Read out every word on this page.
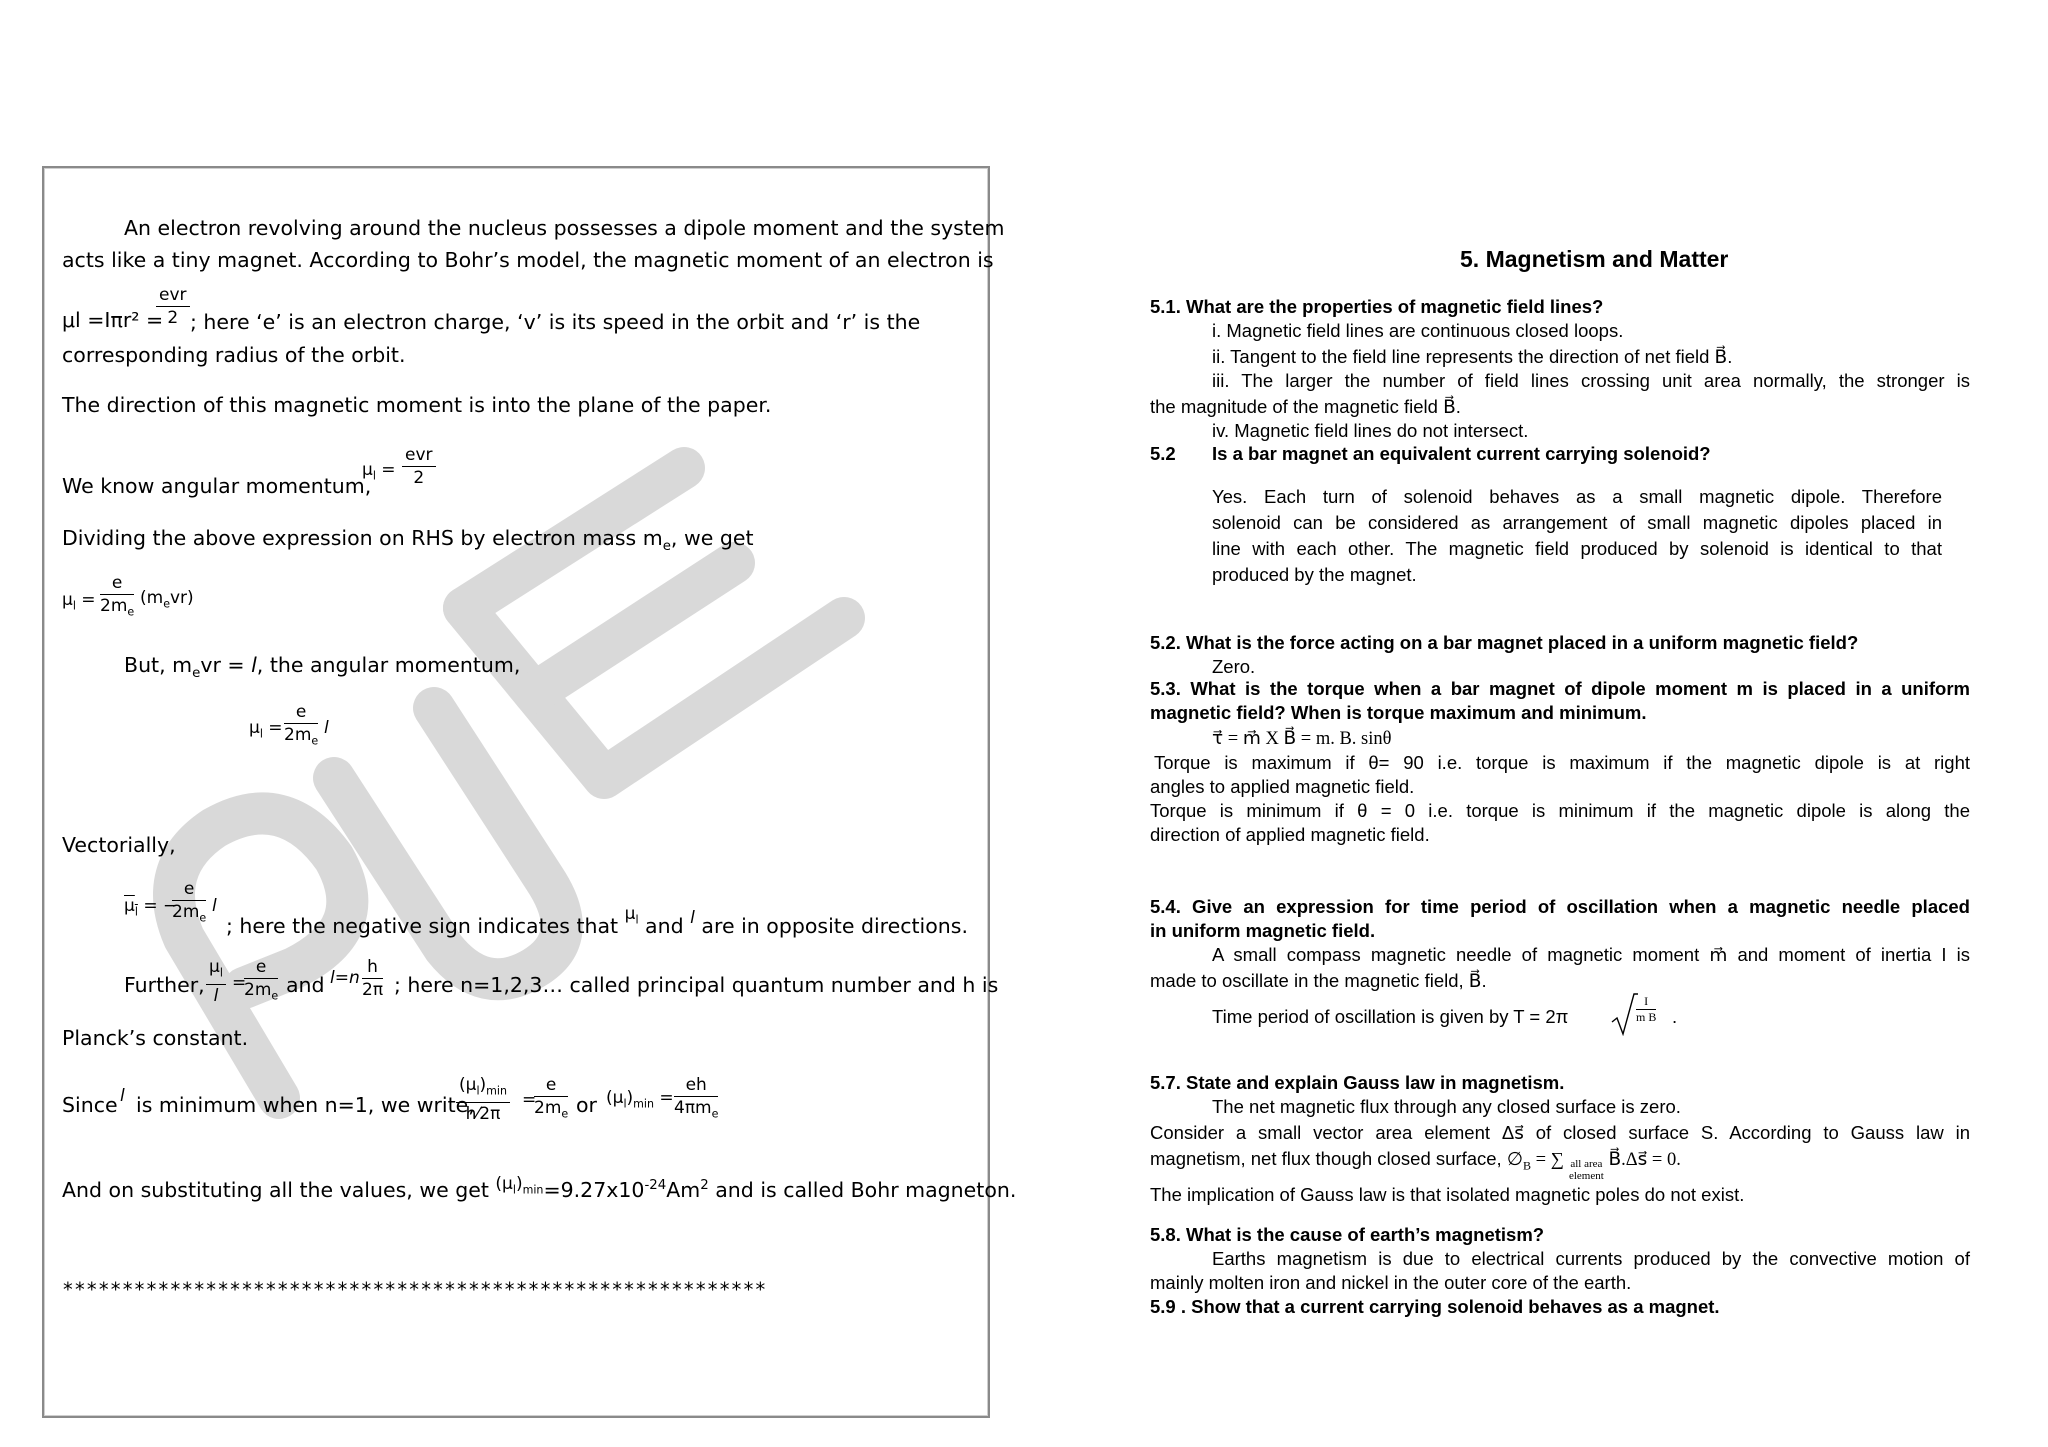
An electron revolving around the nucleus possesses a dipole moment and the system
acts like a tiny magnet. According to Bohr’s model, the magnetic moment of an electron is
μl =Iπr² =
evr
2 ; here ‘e’ is an electron charge, ‘v’ is its speed in the orbit and ‘r’ is the
corresponding radius of the orbit.
The direction of this magnetic moment is into the plane of the paper.
We know angular momentum,
$\mu_l$ =
evr
2
Dividing the above expression on RHS by electron mass $m_e$, we get
$\mu_l = \frac{e}{2m_e} (m_evr)$
But, $m_evr = l$, the angular momentum,
$\mu_l = \frac{e}{2m_e}$ l
Vectorially,
$\mu_l$ = −
$\frac{e}{2m_e}$ l
; here the negative sign indicates that $^{\mu_l}$ and $^l$ are in opposite directions.
Further, $\frac{\mu_l}{l}$ =
$\frac{e}{2m_e}$ and $l=n \frac{h}{2\pi}$ ; here n=1,2,3… called principal quantum number and h is
Planck’s constant.
Since l is minimum when n=1, we write,
$(\mu_l)_{min}$
h⁄2π
=
$\frac{e}{2m_e}$ or $(\mu_l)_{min}$ =
eh
$4\pi m_e$
And on substituting all the values, we get $^{(\mu_l)_{min}}=9.27x10^{-24}Am^2$ and is called Bohr magneton.
***********************************************************
5. Magnetism and Matter
5.1. What are the properties of magnetic field lines?
i. Magnetic field lines are continuous closed loops.
ii. Tangent to the field line represents the direction of net field B⃗.
iii. The larger the number of field lines crossing unit area normally, the stronger is
the magnitude of the magnetic field B⃗.
iv. Magnetic field lines do not intersect.
5.2 Is a bar magnet an equivalent current carrying solenoid?
Yes. Each turn of solenoid behaves as a small magnetic dipole. Therefore
solenoid can be considered as arrangement of small magnetic dipoles placed in
line with each other. The magnetic field produced by solenoid is identical to that
produced by the magnet.
5.2. What is the force acting on a bar magnet placed in a uniform magnetic field?
Zero.
5.3. What is the torque when a bar magnet of dipole moment m is placed in a uniform
magnetic field? When is torque maximum and minimum.
τ⃗ = m⃗ X B⃗ = m. B. sinθ
Torque is maximum if θ= 90 i.e. torque is maximum if the magnetic dipole is at right
angles to applied magnetic field.
Torque is minimum if θ = 0 i.e. torque is minimum if the magnetic dipole is along the
direction of applied magnetic field.
5.4. Give an expression for time period of oscillation when a magnetic needle placed
in uniform magnetic field.
A small compass magnetic needle of magnetic moment m⃗ and moment of inertia I is
made to oscillate in the magnetic field, B⃗.
Time period of oscillation is given by T = 2π	$\frac{I}{\text{m B}}$ .
5.7. State and explain Gauss law in magnetism.
The net magnetic flux through any closed surface is zero.
Consider a small vector area element Δs⃗ of closed surface S. According to Gauss law in
magnetism, net flux though closed surface, $\emptyset_B$ = ∑ all area
element
B⃗.Δs⃗ = 0.
The implication of Gauss law is that isolated magnetic poles do not exist.
5.8. What is the cause of earth’s magnetism?
Earths magnetism is due to electrical currents produced by the convective motion of
mainly molten iron and nickel in the outer core of the earth.
5.9 . Show that a current carrying solenoid behaves as a magnet.
